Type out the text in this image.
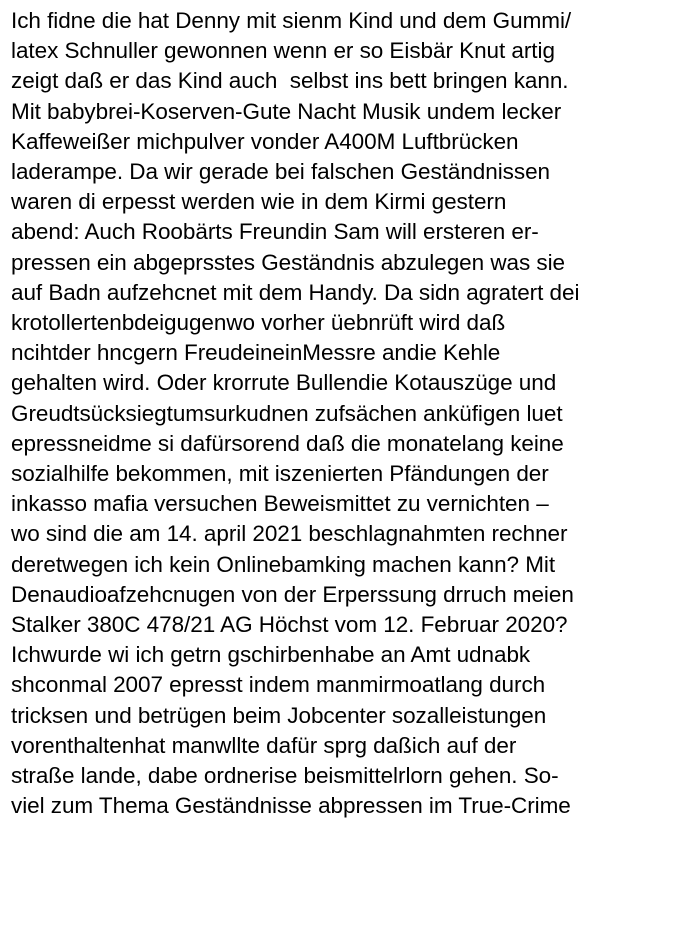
Ich fidne die hat Denny mit sienm Kind und dem Gummi/
latex Schnuller gewonnen wenn er so Eisbär Knut artig
zeigt daß er das Kind auch  selbst ins bett bringen kann.
Mit babybrei-Koserven-Gute Nacht Musik undem lecker
Kaffeweißer michpulver vonder A400M Luftbrücken
laderampe. Da wir gerade bei falschen Geständnissen
waren di erpesst werden wie in dem Kirmi gestern
abend: Auch Roobärts Freundin Sam will ersteren er-
pressen ein abgeprsstes Geständnis abzulegen was sie
auf Badn aufzehcnet mit dem Handy. Da sidn agratert dei
krotollertenbdeigugenwo vorher üebnrüft wird daß
ncihtder hncgern FreudeineinMessre andie Kehle
gehalten wird. Oder krorrute Bullendie Kotauszüge und
Greudtsücksiegtumsurkudnen zufsächen anküfigen luet
epressneidme si dafürsorend daß die monatelang keine
sozialhilfe bekommen, mit iszenierten Pfändungen der
inkasso mafia versuchen Beweismittet zu vernichten –
wo sind die am 14. april 2021 beschlagnahmten rechner
deretwegen ich kein Onlinebamking machen kann? Mit
Denaudioafzehcnugen von der Erperssung drruch meien
Stalker 380C 478/21 AG Höchst vom 12. Februar 2020?
Ichwurde wi ich getrn gschirbenhabe an Amt udnabk
shconmal 2007 epresst indem manmirmoatlang durch
tricksen und betrügen beim Jobcenter sozalleistungen
vorenthaltenhat manwllte dafür sprg daßich auf der
straße lande, dabe ordnerise beismittelrlorn gehen. So-
viel zum Thema Geständnisse abpressen im True-Crime
